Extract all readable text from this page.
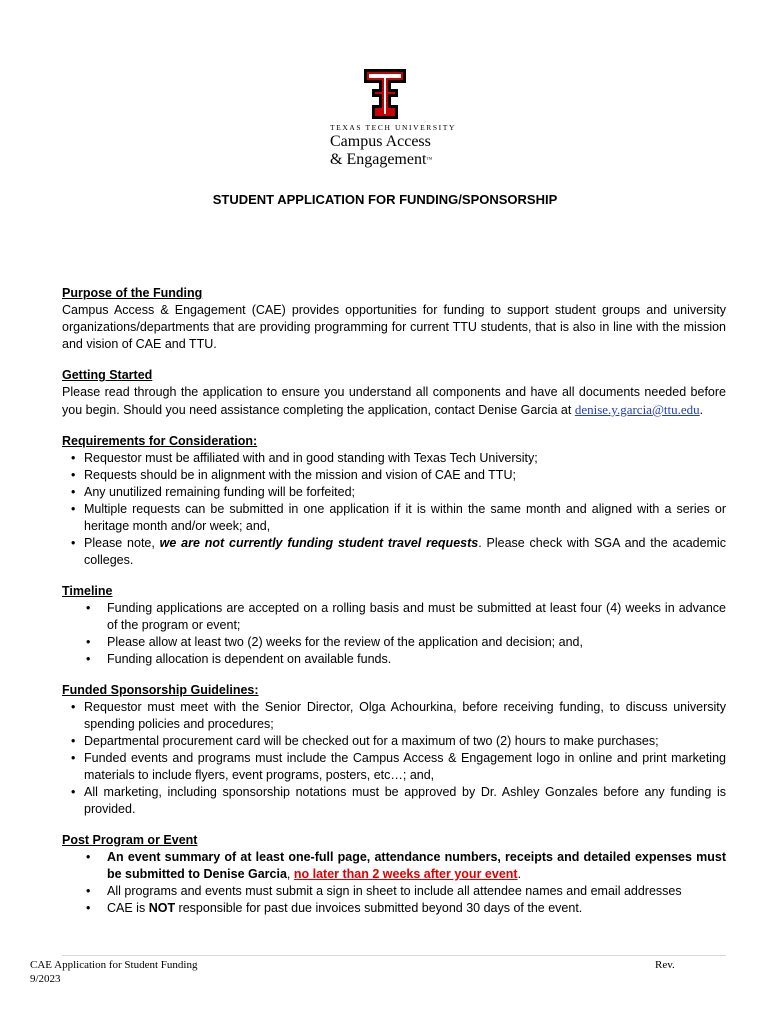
TEXAS TECH UNIVERSITY
Campus Access
& Engagement™
STUDENT APPLICATION FOR FUNDING/SPONSORSHIP
Purpose of the Funding
Campus Access & Engagement (CAE) provides opportunities for funding to support student groups and university organizations/departments that are providing programming for current TTU students, that is also in line with the mission and vision of CAE and TTU.
Getting Started
Please read through the application to ensure you understand all components and have all documents needed before you begin. Should you need assistance completing the application, contact Denise Garcia at denise.y.garcia@ttu.edu.
Requirements for Consideration:
• Requestor must be affiliated with and in good standing with Texas Tech University;
• Requests should be in alignment with the mission and vision of CAE and TTU;
• Any unutilized remaining funding will be forfeited;
• Multiple requests can be submitted in one application if it is within the same month and aligned with a series or heritage month and/or week; and,
• Please note, we are not currently funding student travel requests. Please check with SGA and the academic colleges.
Timeline
• Funding applications are accepted on a rolling basis and must be submitted at least four (4) weeks in advance of the program or event;
• Please allow at least two (2) weeks for the review of the application and decision; and,
• Funding allocation is dependent on available funds.
Funded Sponsorship Guidelines:
• Requestor must meet with the Senior Director, Olga Achourkina, before receiving funding, to discuss university spending policies and procedures;
• Departmental procurement card will be checked out for a maximum of two (2) hours to make purchases;
• Funded events and programs must include the Campus Access & Engagement logo in online and print marketing materials to include flyers, event programs, posters, etc…; and,
• All marketing, including sponsorship notations must be approved by Dr. Ashley Gonzales before any funding is provided.
Post Program or Event
• An event summary of at least one-full page, attendance numbers, receipts and detailed expenses must be submitted to Denise Garcia, no later than 2 weeks after your event.
• All programs and events must submit a sign in sheet to include all attendee names and email addresses
• CAE is NOT responsible for past due invoices submitted beyond 30 days of the event.
CAE Application for Student Funding
9/2023
Rev.
